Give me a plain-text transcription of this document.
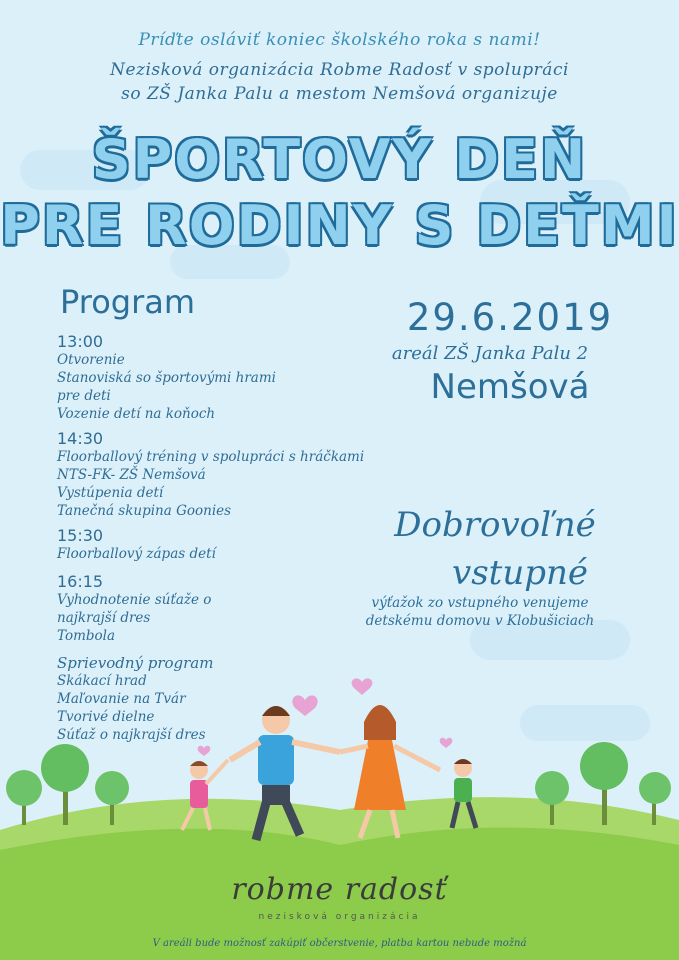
Príďte osláviť koniec školského roka s nami!
Nezisková organizácia Robme Radosť v spolupráci
so ZŠ Janka Palu a mestom Nemšová organizuje
ŠPORTOVÝ DEŇ
PRE RODINY S DEŤMI
Program
13:00
Otvorenie
Stanoviská so športovými hrami
pre deti
Vozenie detí na koňoch
14:30
Floorballový tréning v spolupráci s hráčkami
NTS-FK- ZŠ Nemšová
Vystúpenia detí
Tanečná skupina Goonies
15:30
Floorballový zápas detí
16:15
Vyhodnotenie súťaže o
najkrajší dres
Tombola
Sprievodný program
Skákací hrad
Maľovanie na Tvár
Tvorivé dielne
Súťaž o najkrajší dres
29.6.2019
areál ZŠ Janka Palu 2
Nemšová
Dobrovoľné
vstupné
výťažok zo vstupného venujeme
detskému domovu v Klobušiciach
robme radosť
nezisková organizácia
V areáli bude možnosť zakúpiť občerstvenie, platba kartou nebude možná
